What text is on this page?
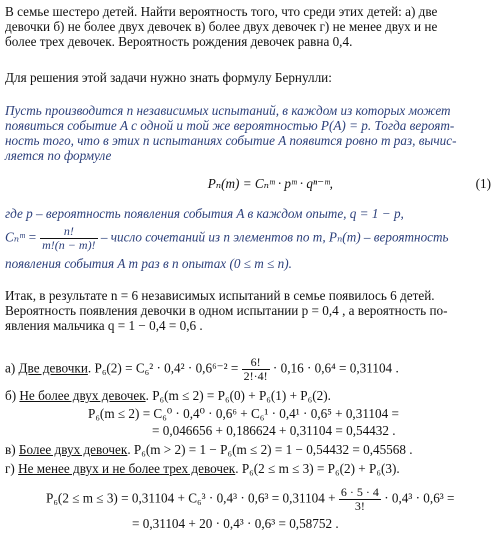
В семье шестеро детей. Найти вероятность того, что среди этих детей: а) две
девочки б) не более двух девочек в) более двух девочек г) не менее двух и не
более трех девочек. Вероятность рождения девочек равна 0,4.
Для решения этой задачи нужно знать формулу Бернулли:
Пусть производится n независимых испытаний, в каждом из которых может
появиться событие A с одной и той же вероятностью P(A) = p. Тогда вероят-
ность того, что в этих n испытаниях событие A появится ровно m раз, вычис-
ляется по формуле
Pₙ(m) = Cₙᵐ · pᵐ · qⁿ⁻ᵐ,	(1)
где p – вероятность появления события A в каждом опыте, q = 1 − p,
Cₙᵐ = $\frac{n!}{m!(n - m)!}$ – число сочетаний из n элементов по m, Pₙ(m) – вероятность
появления события A m раз в n опытах (0 ≤ m ≤ n).
Итак, в результате n = 6 независимых испытаний в семье появилось 6 детей.
Вероятность появления девочки в одном испытании p = 0,4 , а вероятность по-
явления мальчика q = 1 − 0,4 = 0,6 .
а) Две девочки. $P_6(2) = C_6^2 \cdot 0,4^2 \cdot 0,6^{6-2} = \frac{6!}{2!\cdot 4!} \cdot 0,16 \cdot 0,6^4 = 0,31104$ .
б) Не более двух девочек. P₆(m ≤ 2) = P₆(0) + P₆(1) + P₆(2).
P₆(m ≤ 2) = C₆⁰ · 0,4⁰ · 0,6⁶ + C₆¹ · 0,4¹ · 0,6⁵ + 0,31104 =
= 0,046656 + 0,186624 + 0,31104 = 0,54432 .
в) Более двух девочек. P₆(m > 2) = 1 − P₆(m ≤ 2) = 1 − 0,54432 = 0,45568 .
г) Не менее двух и не более трех девочек. P₆(2 ≤ m ≤ 3) = P₆(2) + P₆(3).
$P_6(2 \le m \le 3) = 0,31104 + C_6^3 \cdot 0,4^3 \cdot 0,6^3 = 0,31104 + \frac{6 \cdot 5 \cdot 4}{3!} \cdot 0,4^3 \cdot 0,6^3$ =
= 0,31104 + 20 · 0,4³ · 0,6³ = 0,58752 .
